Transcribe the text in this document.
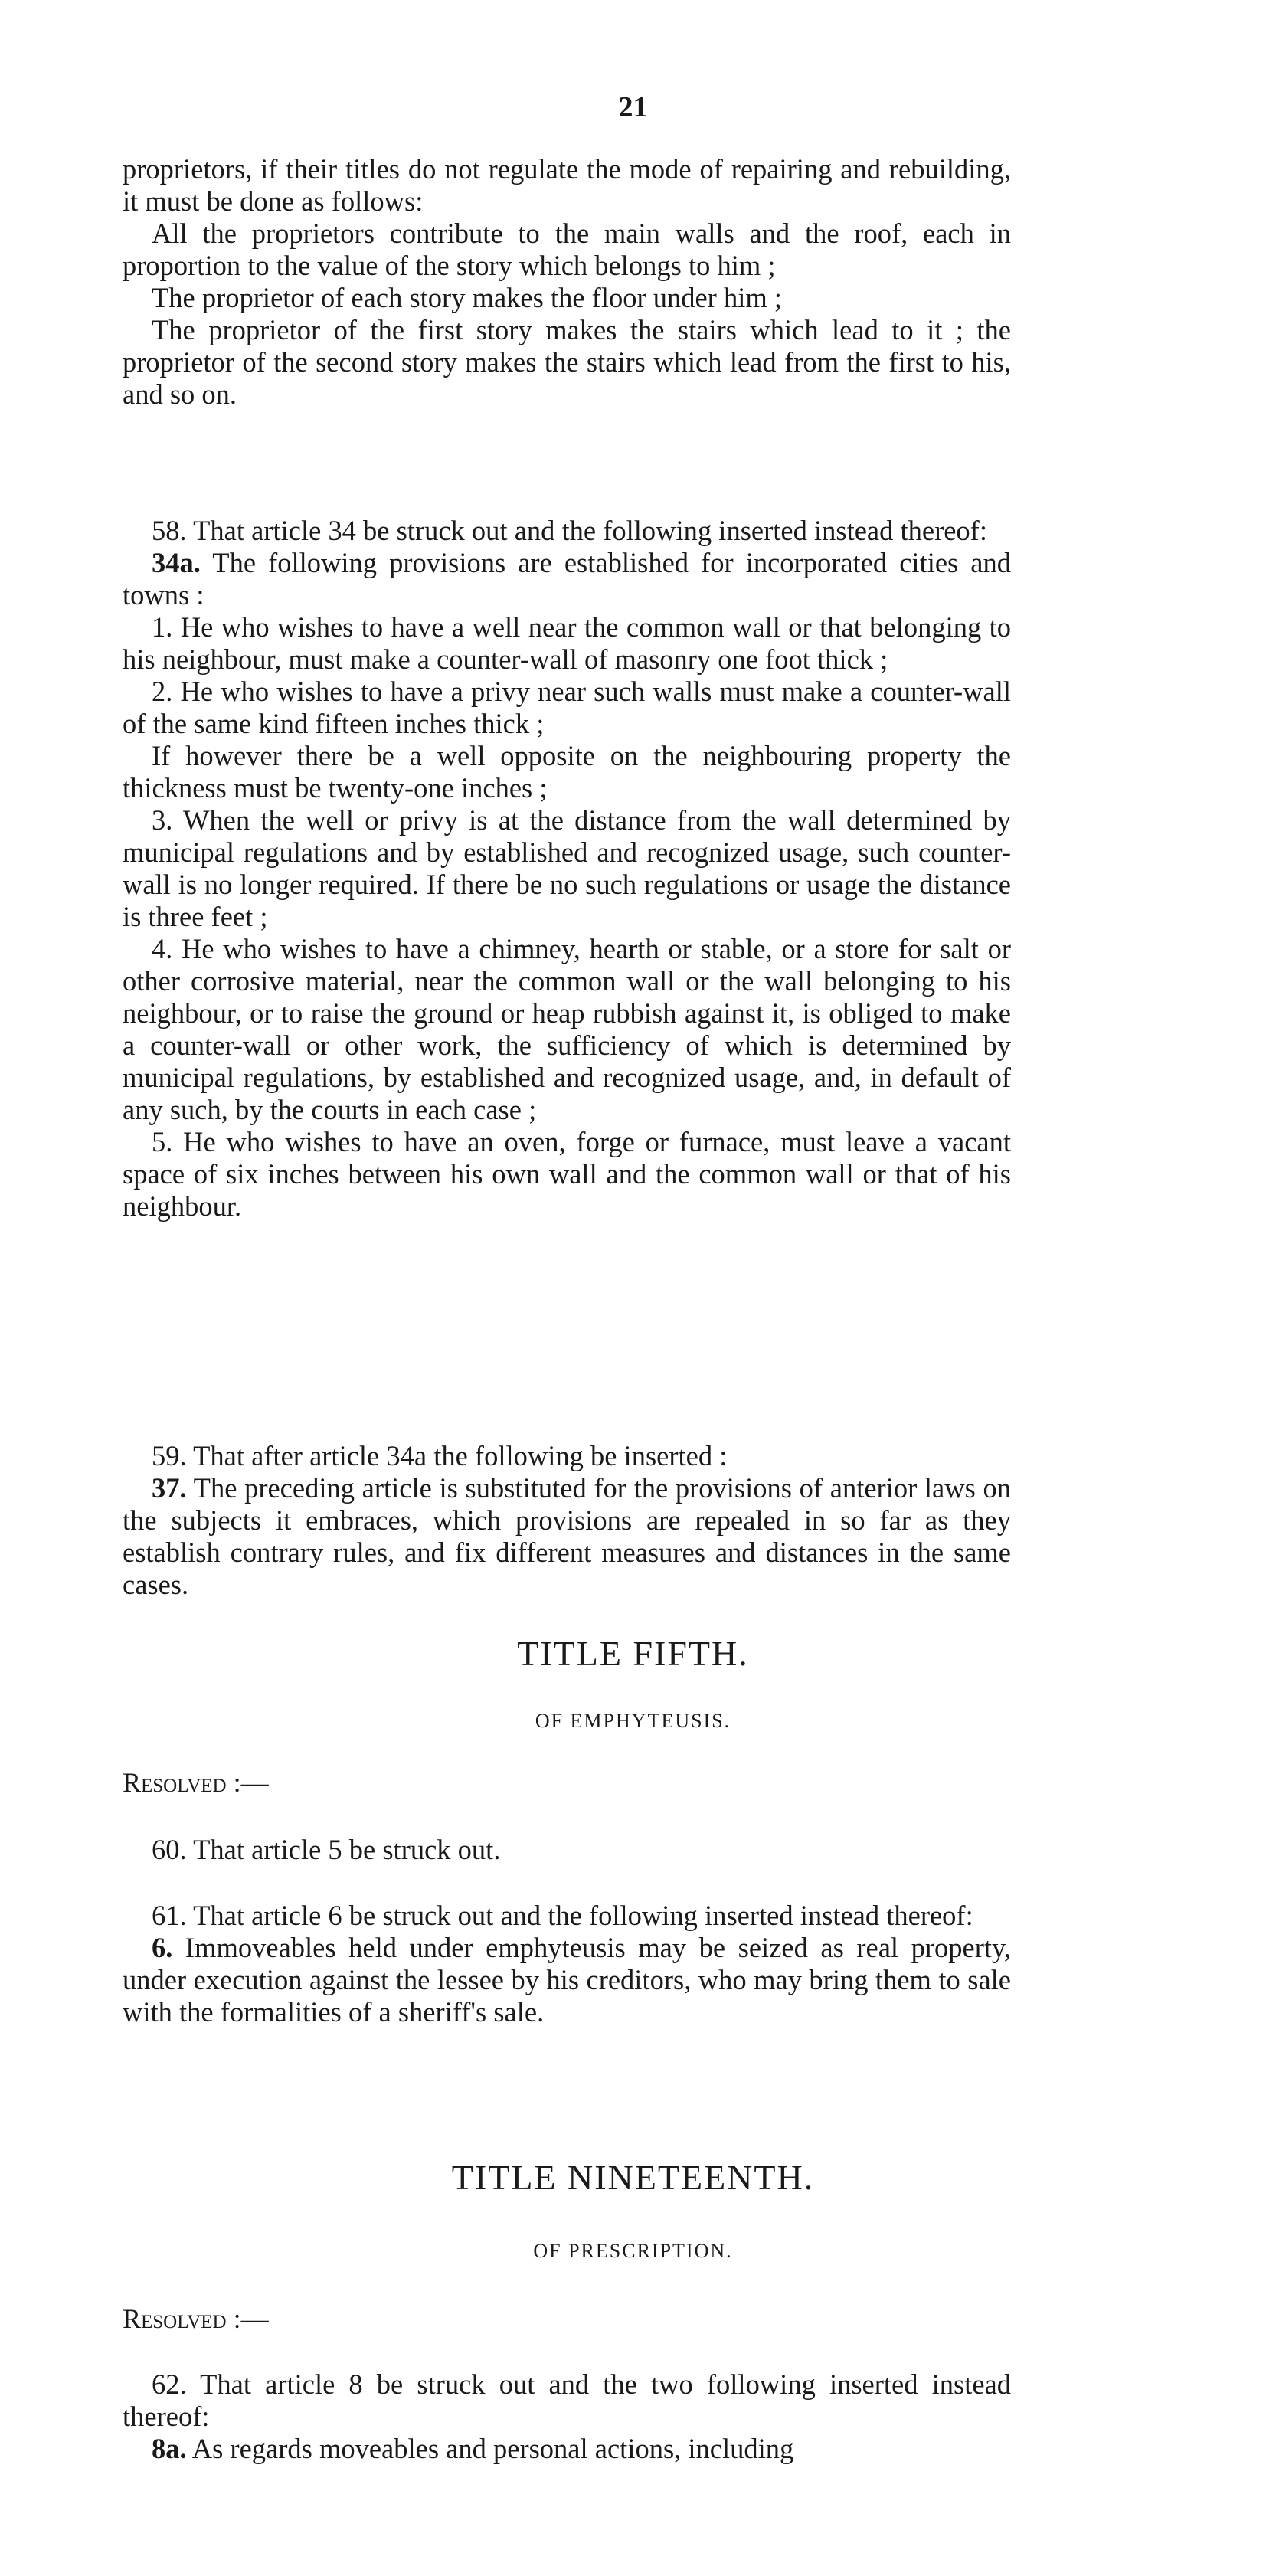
21

proprietors, if their titles do not regulate the mode of repairing and rebuilding, it must be done as follows:

All the proprietors contribute to the main walls and the roof, each in proportion to the value of the story which belongs to him ;

The proprietor of each story makes the floor under him ;

The proprietor of the first story makes the stairs which lead to it ; the proprietor of the second story makes the stairs which lead from the first to his, and so on.

58. That article 34 be struck out and the following inserted instead thereof:

34a. The following provisions are established for incorporated cities and towns :

1. He who wishes to have a well near the common wall or that belonging to his neighbour, must make a counter-wall of masonry one foot thick ;

2. He who wishes to have a privy near such walls must make a counter-wall of the same kind fifteen inches thick ;

If however there be a well opposite on the neighbouring property the thickness must be twenty-one inches ;

3. When the well or privy is at the distance from the wall determined by municipal regulations and by established and recognized usage, such counter-wall is no longer required. If there be no such regulations or usage the distance is three feet ;

4. He who wishes to have a chimney, hearth or stable, or a store for salt or other corrosive material, near the common wall or the wall belonging to his neighbour, or to raise the ground or heap rubbish against it, is obliged to make a counter-wall or other work, the sufficiency of which is determined by municipal regulations, by established and recognized usage, and, in default of any such, by the courts in each case ;

5. He who wishes to have an oven, forge or furnace, must leave a vacant space of six inches between his own wall and the common wall or that of his neighbour.

59. That after article 34a the following be inserted :

37. The preceding article is substituted for the provisions of anterior laws on the subjects it embraces, which provisions are repealed in so far as they establish contrary rules, and fix different measures and distances in the same cases.

TITLE FIFTH.
OF EMPHYTEUSIS.

Resolved :—

60. That article 5 be struck out.

61. That article 6 be struck out and the following inserted instead thereof:

6. Immoveables held under emphyteusis may be seized as real property, under execution against the lessee by his creditors, who may bring them to sale with the formalities of a sheriff's sale.

TITLE NINETEENTH.
OF PRESCRIPTION.

Resolved :—

62. That article 8 be struck out and the two following inserted instead thereof:

8a. As regards moveables and personal actions, including
